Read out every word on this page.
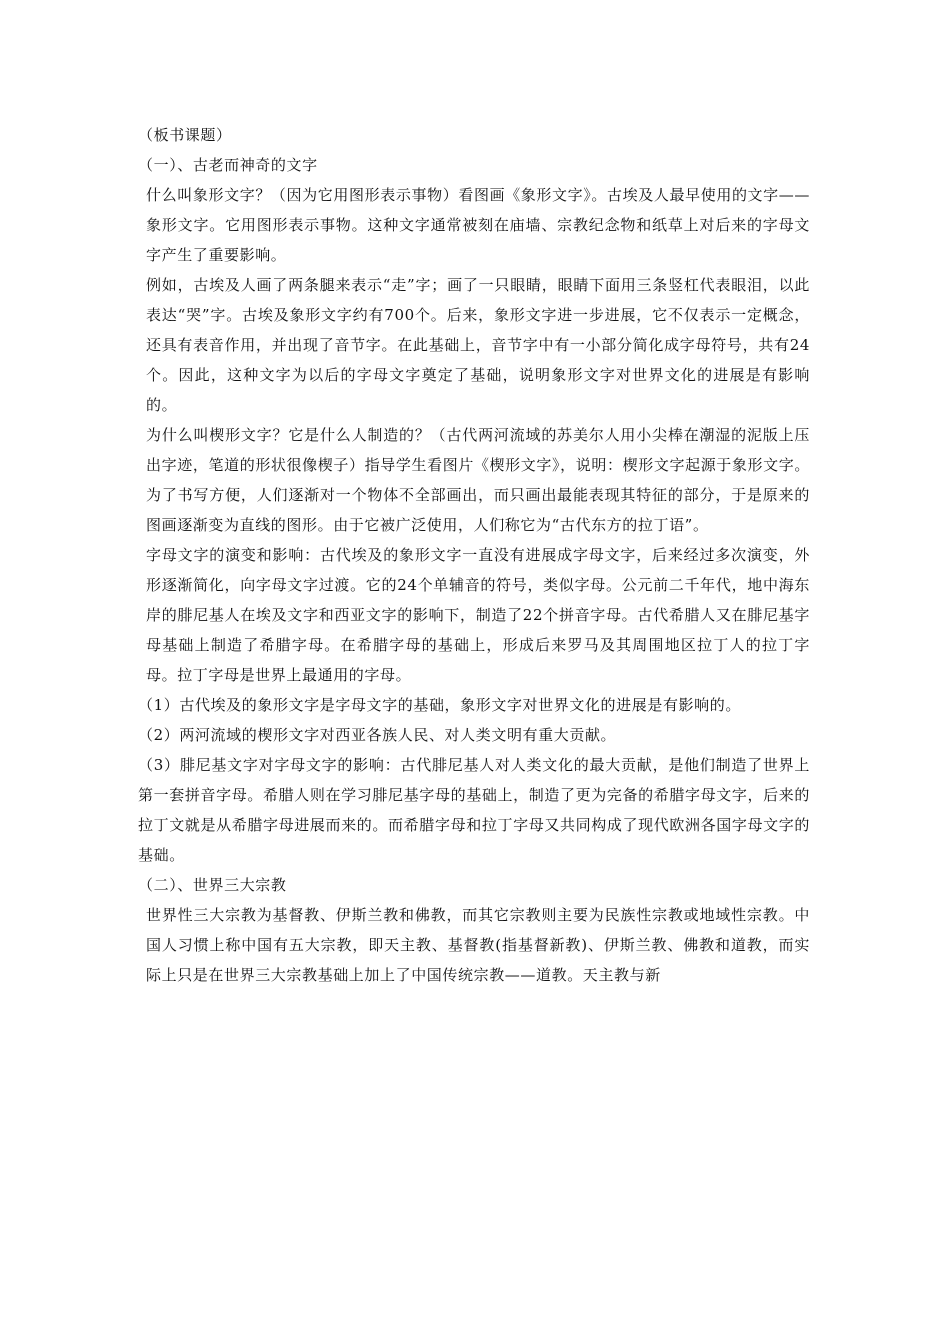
（板书课题）

（一）、古老而神奇的文字

什么叫象形文字？（因为它用图形表示事物）看图画《象形文字》。古埃及人最早使用的文字——象形文字。它用图形表示事物。这种文字通常被刻在庙墙、宗教纪念物和纸草上对后来的字母文字产生了重要影响。

例如，古埃及人画了两条腿来表示“走”字；画了一只眼睛，眼睛下面用三条竖杠代表眼泪，以此表达“哭”字。古埃及象形文字约有700个。后来，象形文字进一步进展，它不仅表示一定概念，还具有表音作用，并出现了音节字。在此基础上，音节字中有一小部分简化成字母符号，共有24个。因此，这种文字为以后的字母文字奠定了基础，说明象形文字对世界文化的进展是有影响的。

为什么叫楔形文字？它是什么人制造的？（古代两河流域的苏美尔人用小尖棒在潮湿的泥版上压出字迹，笔道的形状很像楔子）指导学生看图片《楔形文字》，说明：楔形文字起源于象形文字。为了书写方便，人们逐渐对一个物体不全部画出，而只画出最能表现其特征的部分，于是原来的图画逐渐变为直线的图形。由于它被广泛使用，人们称它为“古代东方的拉丁语”。

字母文字的演变和影响：古代埃及的象形文字一直没有进展成字母文字，后来经过多次演变，外形逐渐简化，向字母文字过渡。它的24个单辅音的符号，类似字母。公元前二千年代，地中海东岸的腓尼基人在埃及文字和西亚文字的影响下，制造了22个拼音字母。古代希腊人又在腓尼基字母基础上制造了希腊字母。在希腊字母的基础上，形成后来罗马及其周围地区拉丁人的拉丁字母。拉丁字母是世界上最通用的字母。

（1）古代埃及的象形文字是字母文字的基础，象形文字对世界文化的进展是有影响的。

（2）两河流域的楔形文字对西亚各族人民、对人类文明有重大贡献。

（3）腓尼基文字对字母文字的影响：古代腓尼基人对人类文化的最大贡献，是他们制造了世界上第一套拼音字母。希腊人则在学习腓尼基字母的基础上，制造了更为完备的希腊字母文字，后来的拉丁文就是从希腊字母进展而来的。而希腊字母和拉丁字母又共同构成了现代欧洲各国字母文字的基础。

（二）、世界三大宗教

世界性三大宗教为基督教、伊斯兰教和佛教，而其它宗教则主要为民族性宗教或地域性宗教。中国人习惯上称中国有五大宗教，即天主教、基督教(指基督新教)、伊斯兰教、佛教和道教，而实际上只是在世界三大宗教基础上加上了中国传统宗教——道教。天主教与新
